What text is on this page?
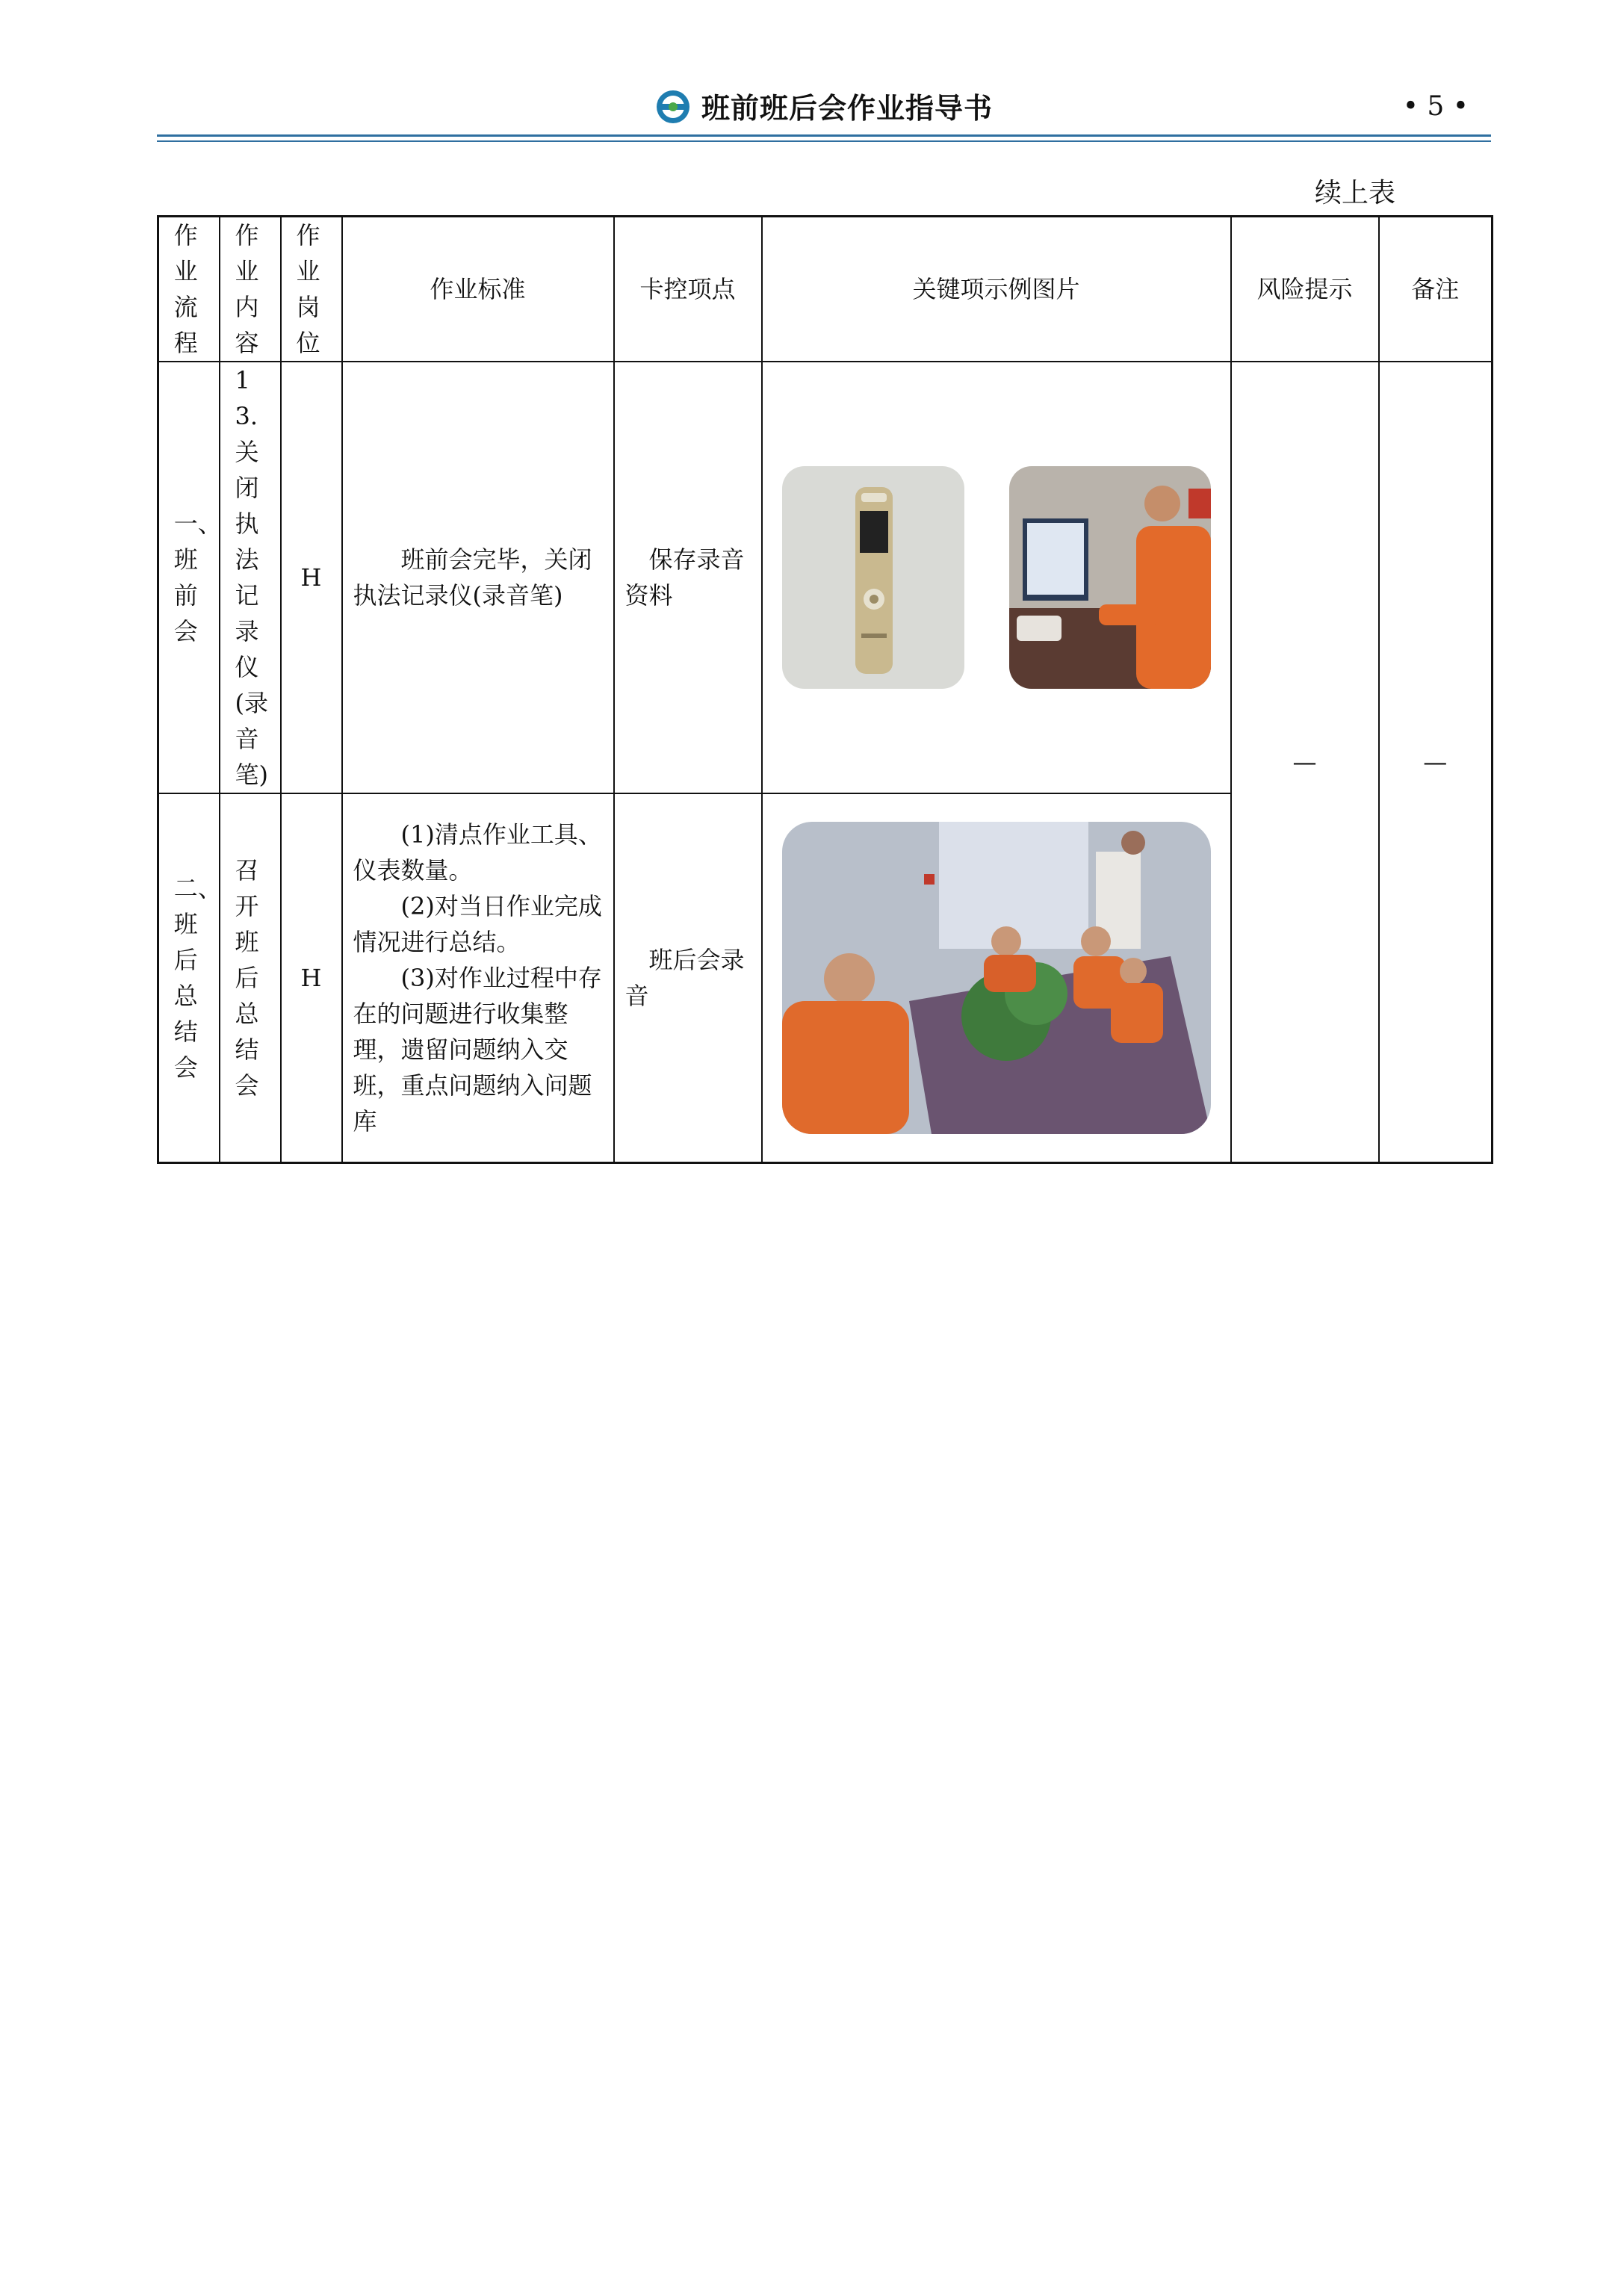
班前班后会作业指导书	• 5 •
续上表
作业流程	作业内容	作业岗位	作业标准	卡控项点	关键项示例图片	风险提示	备注

一、班前会	13.关闭执法记录仪(录音笔)	H	班前会完毕，关闭执法记录仪(录音笔)	保存录音资料		—	—

二、班后总结会	召开班后总结会	H	(1)清点作业工具、仪表数量。
(2)对当日作业完成情况进行总结。
(3)对作业过程中存在的问题进行收集整理，遗留问题纳入交班，重点问题纳入问题库	班后会录音	
